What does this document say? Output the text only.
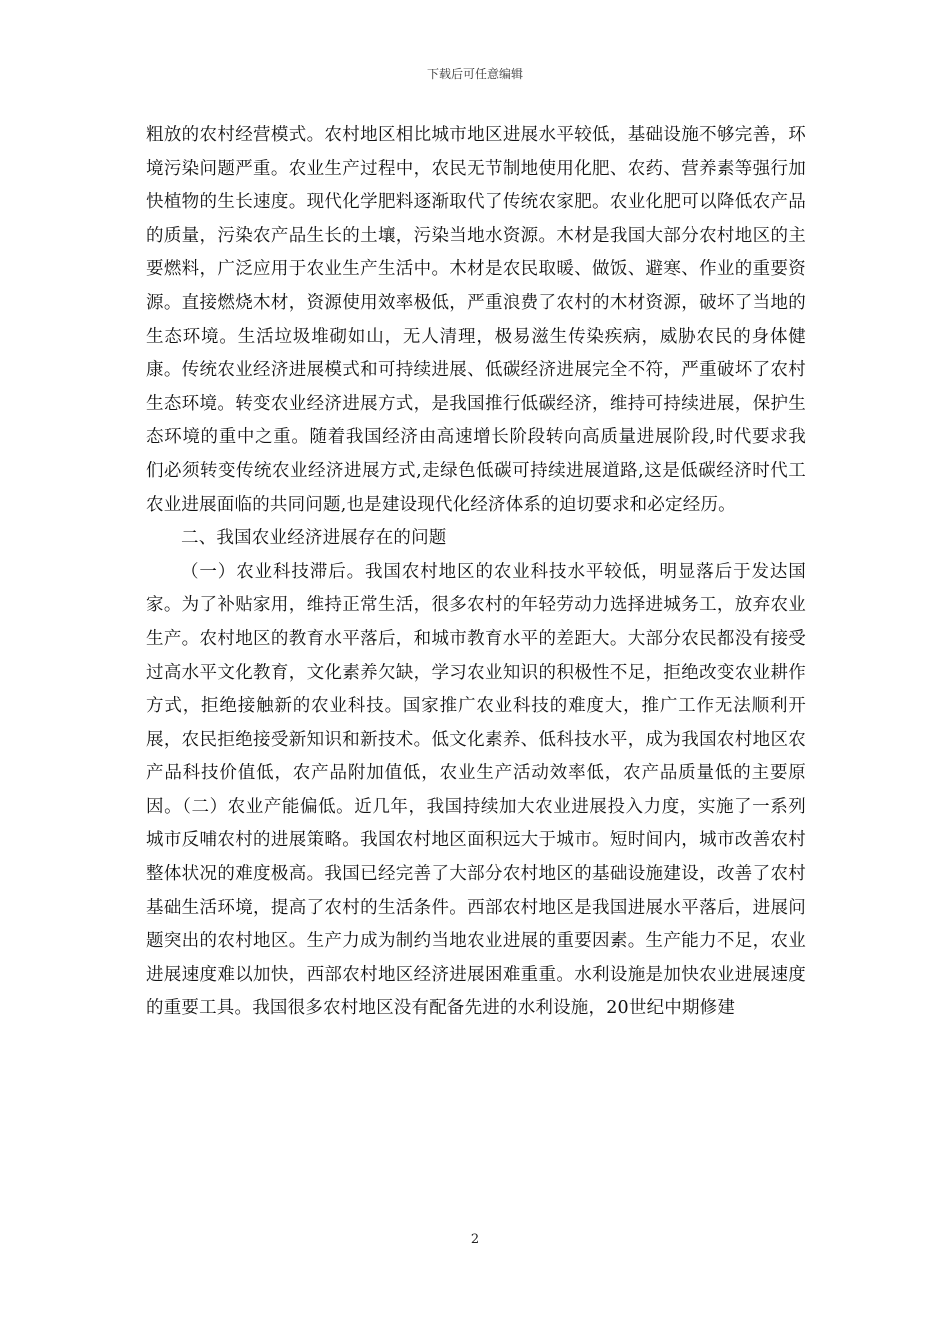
下载后可任意编辑

粗放的农村经营模式。农村地区相比城市地区进展水平较低，基础设施不够完善，环境污染问题严重。农业生产过程中，农民无节制地使用化肥、农药、营养素等强行加快植物的生长速度。现代化学肥料逐渐取代了传统农家肥。农业化肥可以降低农产品的质量，污染农产品生长的土壤，污染当地水资源。木材是我国大部分农村地区的主要燃料，广泛应用于农业生产生活中。木材是农民取暖、做饭、避寒、作业的重要资源。直接燃烧木材，资源使用效率极低，严重浪费了农村的木材资源，破坏了当地的生态环境。生活垃圾堆砌如山，无人清理，极易滋生传染疾病，威胁农民的身体健康。传统农业经济进展模式和可持续进展、低碳经济进展完全不符，严重破坏了农村生态环境。转变农业经济进展方式，是我国推行低碳经济，维持可持续进展，保护生态环境的重中之重。随着我国经济由高速增长阶段转向高质量进展阶段,时代要求我们必须转变传统农业经济进展方式,走绿色低碳可持续进展道路,这是低碳经济时代工农业进展面临的共同问题,也是建设现代化经济体系的迫切要求和必定经历。

二、我国农业经济进展存在的问题

（一）农业科技滞后。我国农村地区的农业科技水平较低，明显落后于发达国家。为了补贴家用，维持正常生活，很多农村的年轻劳动力选择进城务工，放弃农业生产。农村地区的教育水平落后，和城市教育水平的差距大。大部分农民都没有接受过高水平文化教育，文化素养欠缺，学习农业知识的积极性不足，拒绝改变农业耕作方式，拒绝接触新的农业科技。国家推广农业科技的难度大，推广工作无法顺利开展，农民拒绝接受新知识和新技术。低文化素养、低科技水平，成为我国农村地区农产品科技价值低，农产品附加值低，农业生产活动效率低，农产品质量低的主要原因。（二）农业产能偏低。近几年，我国持续加大农业进展投入力度，实施了一系列城市反哺农村的进展策略。我国农村地区面积远大于城市。短时间内，城市改善农村整体状况的难度极高。我国已经完善了大部分农村地区的基础设施建设，改善了农村基础生活环境，提高了农村的生活条件。西部农村地区是我国进展水平落后，进展问题突出的农村地区。生产力成为制约当地农业进展的重要因素。生产能力不足，农业进展速度难以加快，西部农村地区经济进展困难重重。水利设施是加快农业进展速度的重要工具。我国很多农村地区没有配备先进的水利设施，20世纪中期修建

2
